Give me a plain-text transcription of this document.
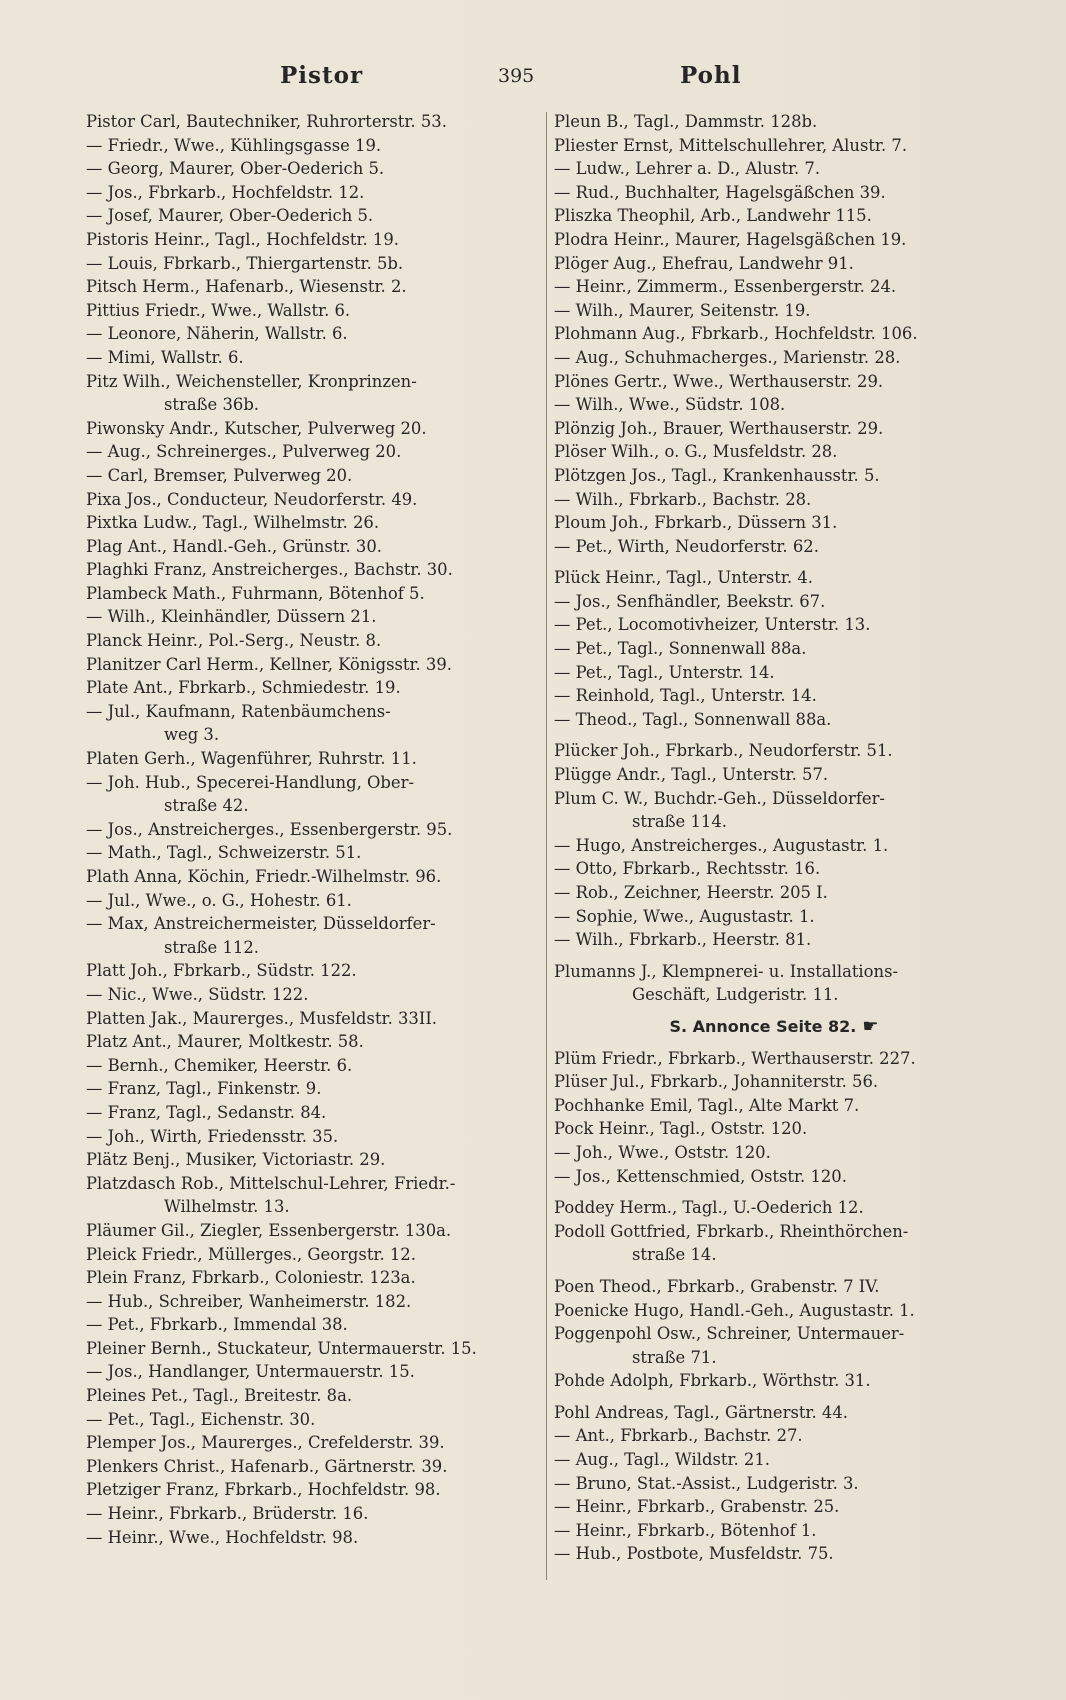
Pistor	395	Pohl
Pistor Carl, Bautechniker, Ruhrorterstr. 53.
— Friedr., Wwe., Kühlingsgasse 19.
— Georg, Maurer, Ober-Oederich 5.
— Jos., Fbrkarb., Hochfeldstr. 12.
— Josef, Maurer, Ober-Oederich 5.
Pistoris Heinr., Tagl., Hochfeldstr. 19.
— Louis, Fbrkarb., Thiergartenstr. 5b.
Pitsch Herm., Hafenarb., Wiesenstr. 2.
Pittius Friedr., Wwe., Wallstr. 6.
— Leonore, Näherin, Wallstr. 6.
— Mimi, Wallstr. 6.
Pitz Wilh., Weichensteller, Kronprinzen-
straße 36b.
Piwonsky Andr., Kutscher, Pulverweg 20.
— Aug., Schreinerges., Pulverweg 20.
— Carl, Bremser, Pulverweg 20.
Pixa Jos., Conducteur, Neudorferstr. 49.
Pixtka Ludw., Tagl., Wilhelmstr. 26.
Plag Ant., Handl.-Geh., Grünstr. 30.
Plaghki Franz, Anstreicherges., Bachstr. 30.
Plambeck Math., Fuhrmann, Bötenhof 5.
— Wilh., Kleinhändler, Düssern 21.
Planck Heinr., Pol.-Serg., Neustr. 8.
Planitzer Carl Herm., Kellner, Königsstr. 39.
Plate Ant., Fbrkarb., Schmiedestr. 19.
— Jul., Kaufmann, Ratenbäumchens-
weg 3.
Platen Gerh., Wagenführer, Ruhrstr. 11.
— Joh. Hub., Specerei-Handlung, Ober-
straße 42.
— Jos., Anstreicherges., Essenbergerstr. 95.
— Math., Tagl., Schweizerstr. 51.
Plath Anna, Köchin, Friedr.-Wilhelmstr. 96.
— Jul., Wwe., o. G., Hohestr. 61.
— Max, Anstreichermeister, Düsseldorfer-
straße 112.
Platt Joh., Fbrkarb., Südstr. 122.
— Nic., Wwe., Südstr. 122.
Platten Jak., Maurerges., Musfeldstr. 33II.
Platz Ant., Maurer, Moltkestr. 58.
— Bernh., Chemiker, Heerstr. 6.
— Franz, Tagl., Finkenstr. 9.
— Franz, Tagl., Sedanstr. 84.
— Joh., Wirth, Friedensstr. 35.
Plätz Benj., Musiker, Victoriastr. 29.
Platzdasch Rob., Mittelschul-Lehrer, Friedr.-
Wilhelmstr. 13.
Pläumer Gil., Ziegler, Essenbergerstr. 130a.
Pleick Friedr., Müllerges., Georgstr. 12.
Plein Franz, Fbrkarb., Coloniestr. 123a.
— Hub., Schreiber, Wanheimerstr. 182.
— Pet., Fbrkarb., Immendal 38.
Pleiner Bernh., Stuckateur, Untermauerstr. 15.
— Jos., Handlanger, Untermauerstr. 15.
Pleines Pet., Tagl., Breitestr. 8a.
— Pet., Tagl., Eichenstr. 30.
Plemper Jos., Maurerges., Crefelderstr. 39.
Plenkers Christ., Hafenarb., Gärtnerstr. 39.
Pletziger Franz, Fbrkarb., Hochfeldstr. 98.
— Heinr., Fbrkarb., Brüderstr. 16.
— Heinr., Wwe., Hochfeldstr. 98.
Pleun B., Tagl., Dammstr. 128b.
Pliester Ernst, Mittelschullehrer, Alustr. 7.
— Ludw., Lehrer a. D., Alustr. 7.
— Rud., Buchhalter, Hagelsgäßchen 39.
Pliszka Theophil, Arb., Landwehr 115.
Plodra Heinr., Maurer, Hagelsgäßchen 19.
Plöger Aug., Ehefrau, Landwehr 91.
— Heinr., Zimmerm., Essenbergerstr. 24.
— Wilh., Maurer, Seitenstr. 19.
Plohmann Aug., Fbrkarb., Hochfeldstr. 106.
— Aug., Schuhmacherges., Marienstr. 28.
Plönes Gertr., Wwe., Werthauserstr. 29.
— Wilh., Wwe., Südstr. 108.
Plönzig Joh., Brauer, Werthauserstr. 29.
Plöser Wilh., o. G., Musfeldstr. 28.
Plötzgen Jos., Tagl., Krankenhausstr. 5.
— Wilh., Fbrkarb., Bachstr. 28.
Ploum Joh., Fbrkarb., Düssern 31.
— Pet., Wirth, Neudorferstr. 62.
Plück Heinr., Tagl., Unterstr. 4.
— Jos., Senfhändler, Beekstr. 67.
— Pet., Locomotivheizer, Unterstr. 13.
— Pet., Tagl., Sonnenwall 88a.
— Pet., Tagl., Unterstr. 14.
— Reinhold, Tagl., Unterstr. 14.
— Theod., Tagl., Sonnenwall 88a.
Plücker Joh., Fbrkarb., Neudorferstr. 51.
Plügge Andr., Tagl., Unterstr. 57.
Plum C. W., Buchdr.-Geh., Düsseldorfer-
straße 114.
— Hugo, Anstreicherges., Augustastr. 1.
— Otto, Fbrkarb., Rechtsstr. 16.
— Rob., Zeichner, Heerstr. 205 I.
— Sophie, Wwe., Augustastr. 1.
— Wilh., Fbrkarb., Heerstr. 81.
Plumanns J., Klempnerei- u. Installations-
Geschäft, Ludgeristr. 11.
S. Annonce Seite 82. ☛
Plüm Friedr., Fbrkarb., Werthauserstr. 227.
Plüser Jul., Fbrkarb., Johanniterstr. 56.
Pochhanke Emil, Tagl., Alte Markt 7.
Pock Heinr., Tagl., Oststr. 120.
— Joh., Wwe., Oststr. 120.
— Jos., Kettenschmied, Oststr. 120.
Poddey Herm., Tagl., U.-Oederich 12.
Podoll Gottfried, Fbrkarb., Rheinthörchen-
straße 14.
Poen Theod., Fbrkarb., Grabenstr. 7 IV.
Poenicke Hugo, Handl.-Geh., Augustastr. 1.
Poggenpohl Osw., Schreiner, Untermauer-
straße 71.
Pohde Adolph, Fbrkarb., Wörthstr. 31.
Pohl Andreas, Tagl., Gärtnerstr. 44.
— Ant., Fbrkarb., Bachstr. 27.
— Aug., Tagl., Wildstr. 21.
— Bruno, Stat.-Assist., Ludgeristr. 3.
— Heinr., Fbrkarb., Grabenstr. 25.
— Heinr., Fbrkarb., Bötenhof 1.
— Hub., Postbote, Musfeldstr. 75.
